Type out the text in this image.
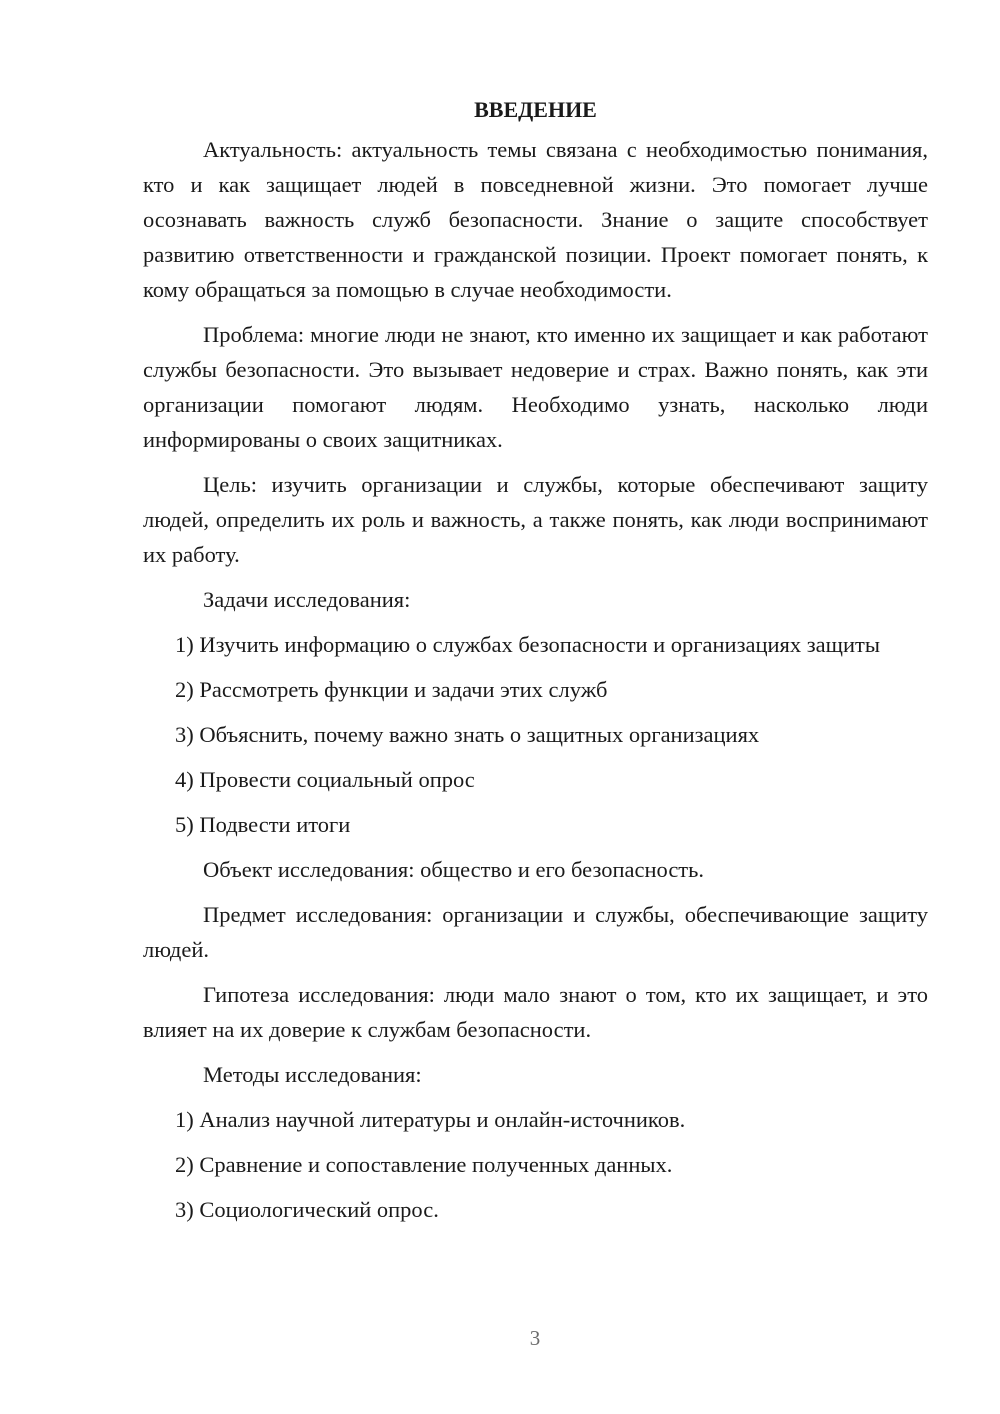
ВВЕДЕНИЕ

Актуальность: актуальность темы связана с необходимостью понимания, кто и как защищает людей в повседневной жизни. Это помогает лучше осознавать важность служб безопасности. Знание о защите способствует развитию ответственности и гражданской позиции. Проект помогает понять, к кому обращаться за помощью в случае необходимости.

Проблема: многие люди не знают, кто именно их защищает и как работают службы безопасности. Это вызывает недоверие и страх. Важно понять, как эти организации помогают людям. Необходимо узнать, насколько люди информированы о своих защитниках.

Цель: изучить организации и службы, которые обеспечивают защиту людей, определить их роль и важность, а также понять, как люди воспринимают их работу.

Задачи исследования:

1) Изучить информацию о службах безопасности и организациях защиты

2) Рассмотреть функции и задачи этих служб

3) Объяснить, почему важно знать о защитных организациях

4) Провести социальный опрос

5) Подвести итоги

Объект исследования: общество и его безопасность.

Предмет исследования: организации и службы, обеспечивающие защиту людей.

Гипотеза исследования: люди мало знают о том, кто их защищает, и это влияет на их доверие к службам безопасности.

Методы исследования:

1) Анализ научной литературы и онлайн-источников.

2) Сравнение и сопоставление полученных данных.

3) Социологический опрос.

3
